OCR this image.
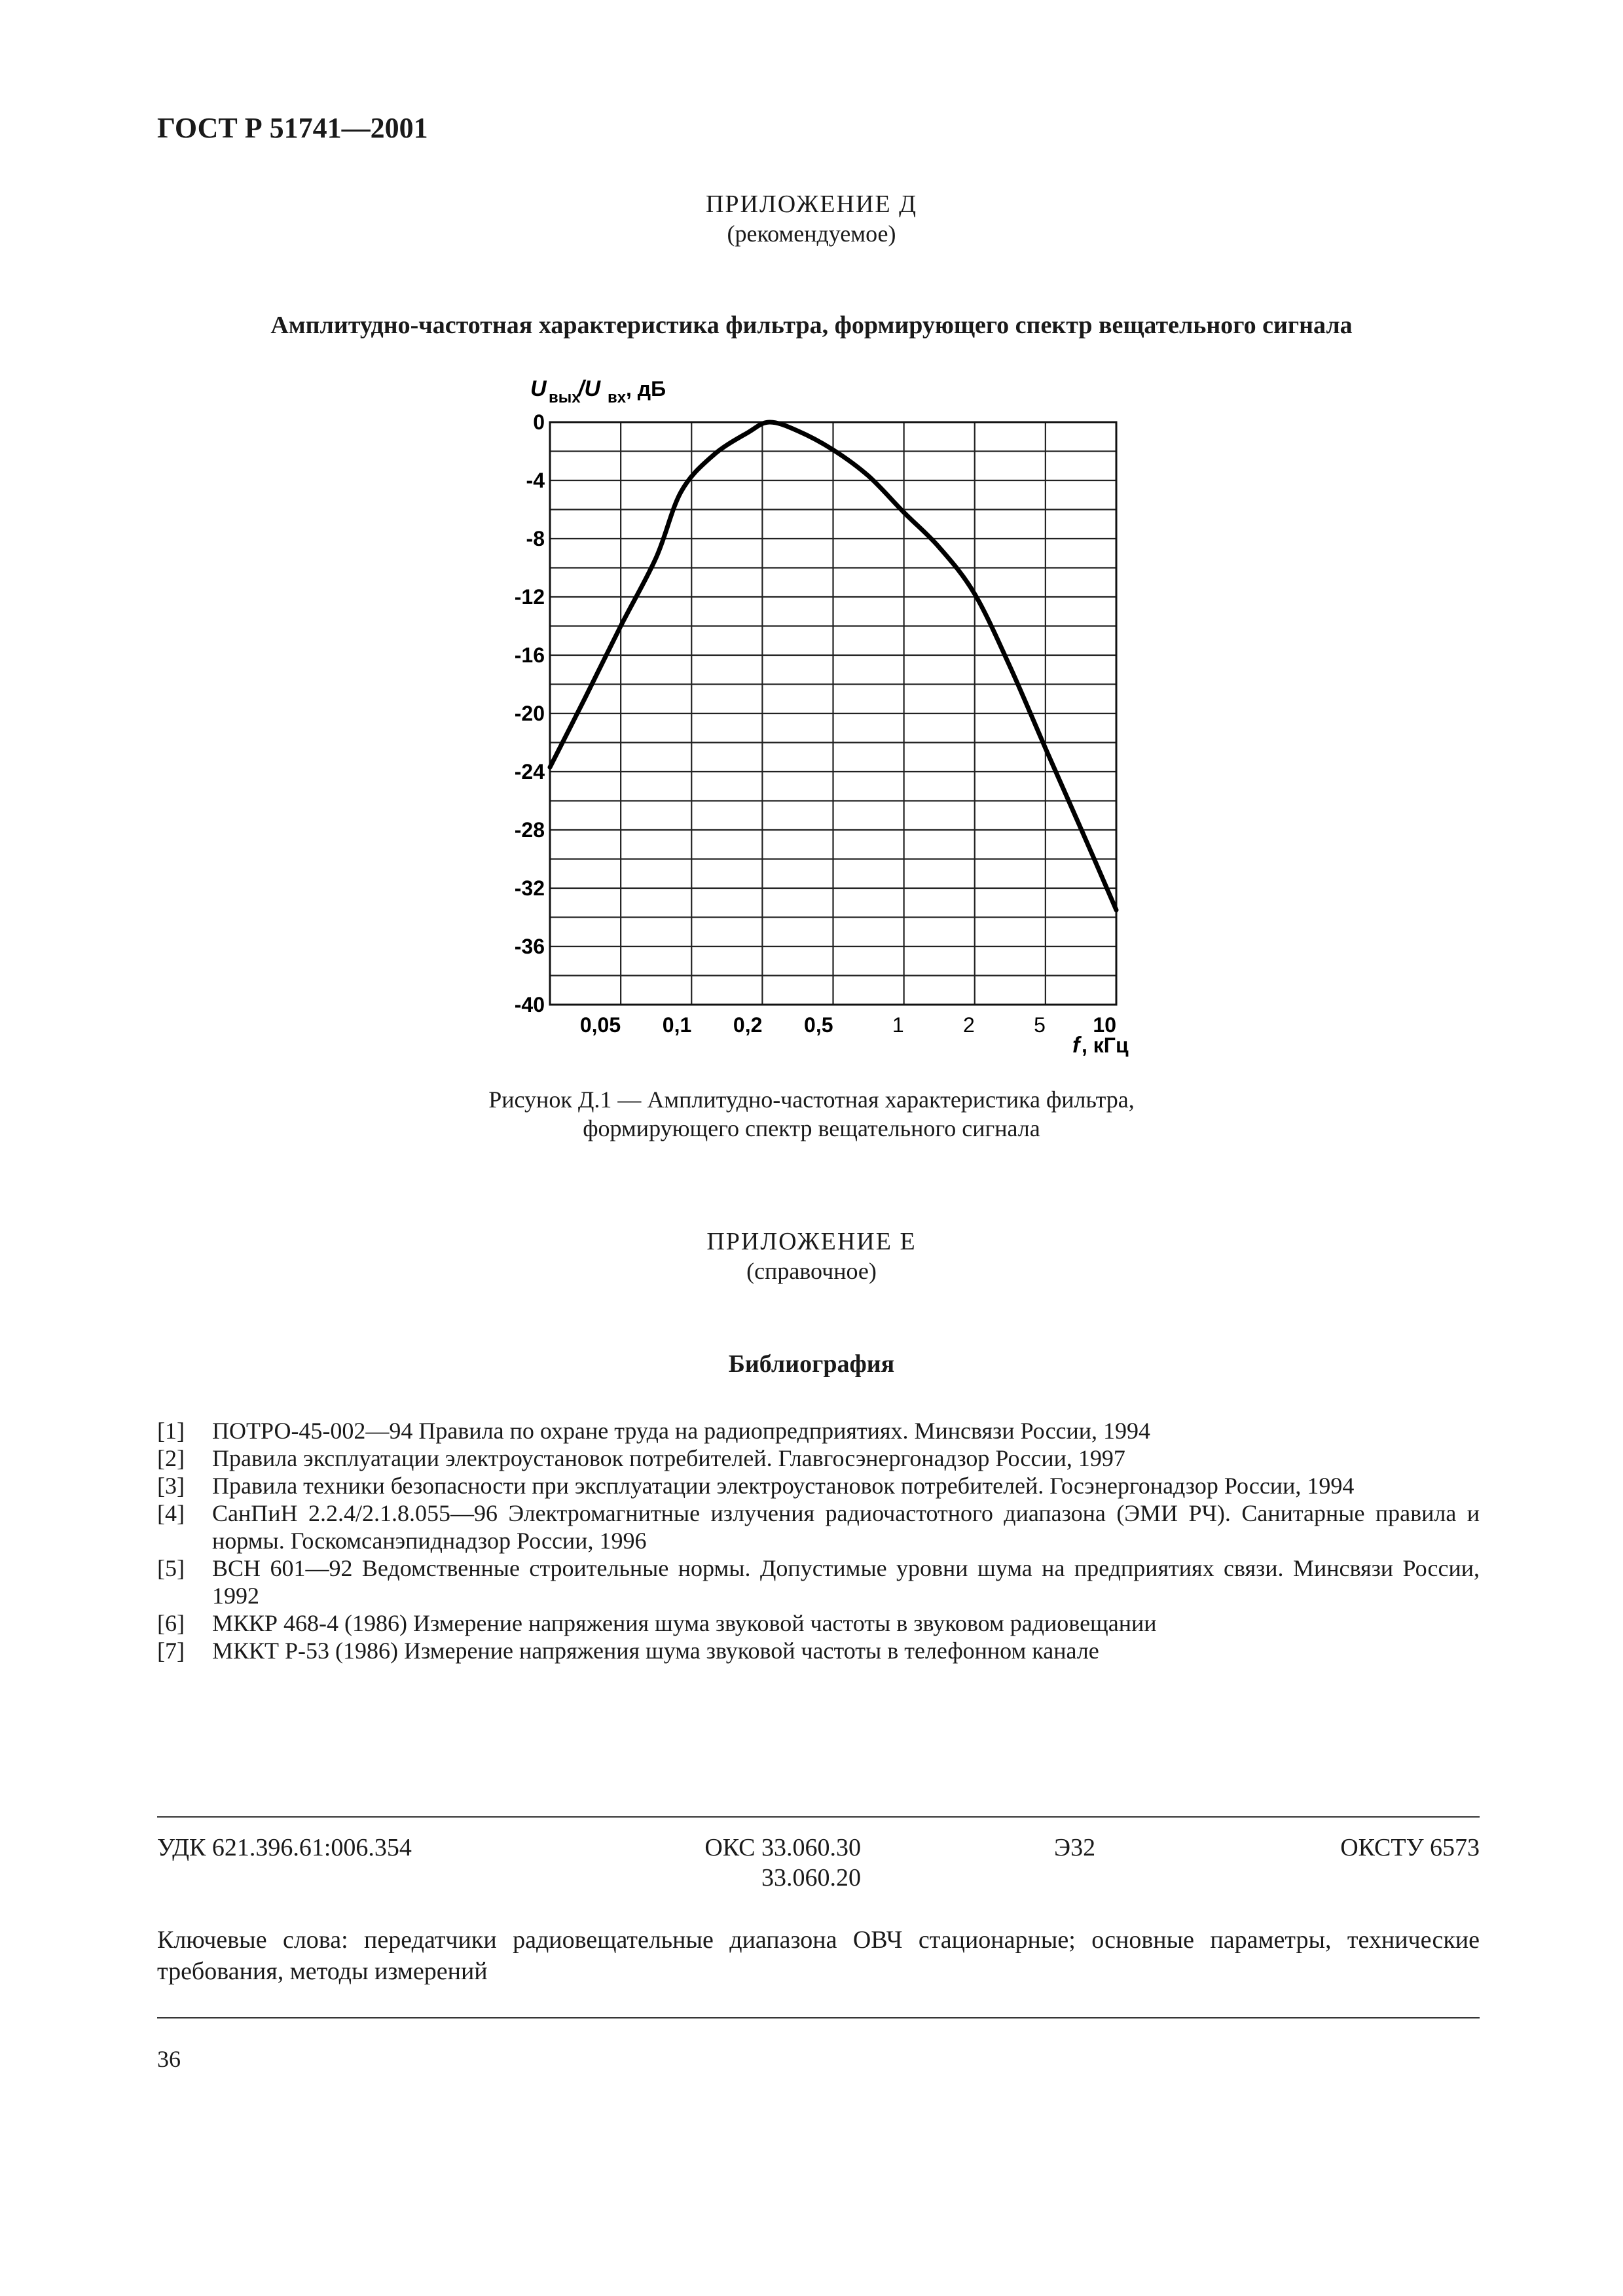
ГОСТ Р 51741—2001
ПРИЛОЖЕНИЕ Д
(рекомендуемое)
Амплитудно-частотная характеристика фильтра, формирующего спектр вещательного сигнала
U вых
/U вх , дБ
0
-4
-8
-12
-16
-20
-24
-28
-32
-36
-40
0,05 0,1 0,2 0,5	1	2	5 10
f , кГц
Рисунок Д.1 — Амплитудно-частотная характеристика фильтра,
формирующего спектр вещательного сигнала
ПРИЛОЖЕНИЕ Е
(справочное)
Библиография
[1]	ПОТРО-45-002—94 Правила по охране труда на радиопредприятиях. Минсвязи России, 1994
[2]	Правила эксплуатации электроустановок потребителей. Главгосэнергонадзор России, 1997
[3]	Правила техники безопасности при эксплуатации электроустановок потребителей. Госэнергонадзор России, 1994
[4]	СанПиН 2.2.4/2.1.8.055—96 Электромагнитные излучения радиочастотного диапазона (ЭМИ РЧ). Санитарные правила и нормы. Госкомсанэпиднадзор России, 1996
[5]	ВСН 601—92 Ведомственные строительные нормы. Допустимые уровни шума на предприятиях связи. Минсвязи России, 1992
[6]	МККР 468-4 (1986) Измерение напряжения шума звуковой частоты в звуковом радиовещании
[7]	МККТ Р-53 (1986) Измерение напряжения шума звуковой частоты в телефонном канале
УДК 621.396.61:006.354	ОКС 33.060.30
33.060.20
Э32	ОКСТУ 6573
Ключевые слова: передатчики радиовещательные диапазона ОВЧ стационарные; основные параметры, технические требования, методы измерений
36
